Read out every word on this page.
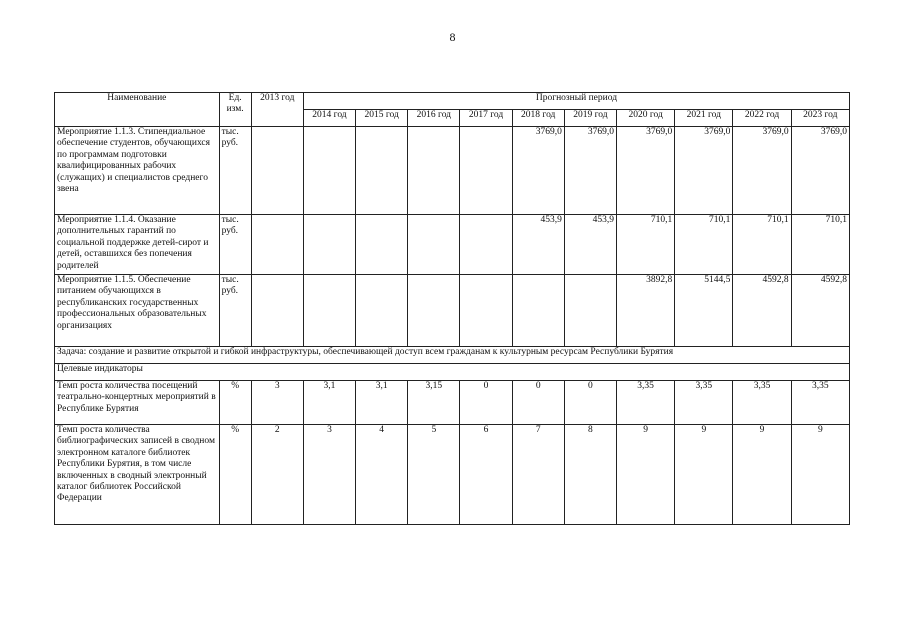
8
Наименование	Ед. изм.	2013 год	Прогнозный период									
			2014 год	2015 год	2016 год	2017 год	2018 год	2019 год	2020 год	2021 год	2022 год	2023 год
Мероприятие 1.1.3. Стипендиальное обеспечение студентов, обучающихся по программам подготовки квалифицированных рабочих (служащих) и специалистов среднего звена	тыс. руб.						3769,0	3769,0	3769,0	3769,0	3769,0	3769,0
Мероприятие 1.1.4. Оказание дополнительных гарантий по социальной поддержке детей-сирот и детей, оставшихся без попечения родителей	тыс. руб.						453,9	453,9	710,1	710,1	710,1	710,1
Мероприятие 1.1.5. Обеспечение питанием обучающихся в республиканских государственных профессиональных образовательных организациях	тыс. руб.								3892,8	5144,5	4592,8	4592,8
Задача: создание и развитие открытой и гибкой инфраструктуры, обеспечивающей доступ всем гражданам к культурным ресурсам Республики Бурятия												
Целевые индикаторы												
Темп роста количества посещений театрально-концертных мероприятий в Республике Бурятия	%	3	3,1	3,1	3,15	0	0	0	3,35	3,35	3,35	3,35
Темп роста количества библиографических записей в сводном электронном каталоге библиотек Республики Бурятия, в том числе включенных в сводный электронный каталог библиотек Российской Федерации	%	2	3	4	5	6	7	8	9	9	9	9
